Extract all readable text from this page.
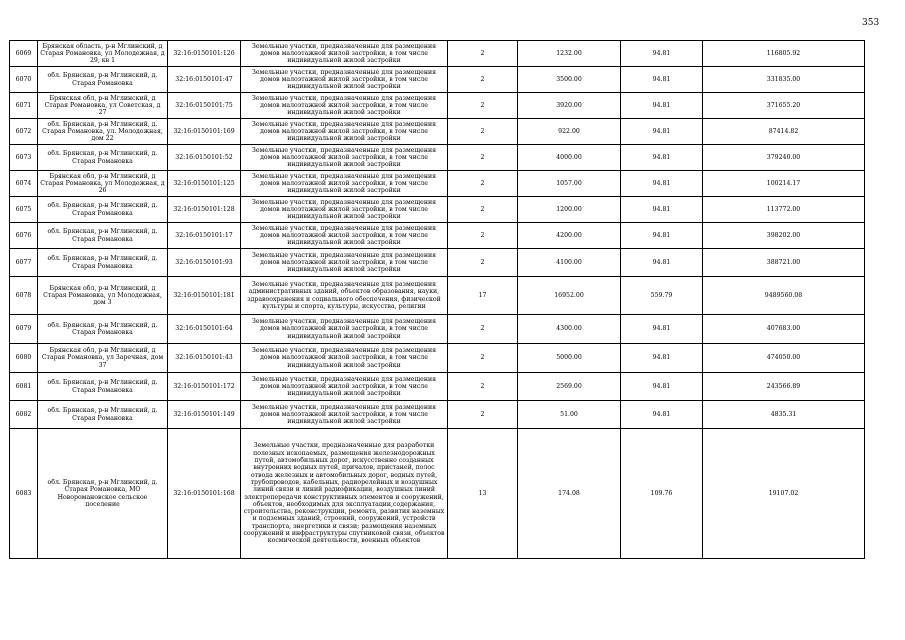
353
6069	Брянская область, р-н Мглинский, д Старая Романовка, ул Молодежная, д 29, кв 1	32:16:0150101:126	Земельные участки, предназначенные для размещения домов малоэтажной жилой застройки, в том числе индивидуальной жилой застройки	2	1232.00	94.81	116805.92
6070	обл. Брянская, р-н Мглинский, д. Старая Романовка	32:16:0150101:47	Земельные участки, предназначенные для размещения домов малоэтажной жилой застройки, в том числе индивидуальной жилой застройки	2	3500.00	94.81	331835.00
6071	Брянская обл, р-н Мглинский, д Старая Романовка, ул Советская, д 27	32:16:0150101:75	Земельные участки, предназначенные для размещения домов малоэтажной жилой застройки, в том числе индивидуальной жилой застройки	2	3920.00	94.81	371655.20
6072	обл. Брянская, р-н Мглинский, д. Старая Романовка, ул. Молодежная, дом 22	32:16:0150101:169	Земельные участки, предназначенные для размещения домов малоэтажной жилой застройки, в том числе индивидуальной жилой застройки	2	922.00	94.81	87414.82
6073	обл. Брянская, р-н Мглинский, д. Старая Романовка	32:16:0150101:52	Земельные участки, предназначенные для размещения домов малоэтажной жилой застройки, в том числе индивидуальной жилой застройки	2	4000.00	94.81	379240.00
6074	Брянская обл, р-н Мглинский, д Старая Романовка, ул Молодежная, д 26	32:16:0150101:125	Земельные участки, предназначенные для размещения домов малоэтажной жилой застройки, в том числе индивидуальной жилой застройки	2	1057.00	94.81	100214.17
6075	обл. Брянская, р-н Мглинский, д. Старая Романовка	32:16:0150101:128	Земельные участки, предназначенные для размещения домов малоэтажной жилой застройки, в том числе индивидуальной жилой застройки	2	1200.00	94.81	113772.00
6076	обл. Брянская, р-н Мглинский, д. Старая Романовка	32:16:0150101:17	Земельные участки, предназначенные для размещения домов малоэтажной жилой застройки, в том числе индивидуальной жилой застройки	2	4200.00	94.81	398202.00
6077	обл. Брянская, р-н Мглинский, д. Старая Романовка	32:16:0150101:93	Земельные участки, предназначенные для размещения домов малоэтажной жилой застройки, в том числе индивидуальной жилой застройки	2	4100.00	94.81	388721.00
6078	Брянская обл, р-н Мглинский, д Старая Романовка, ул Молодежная, дом 3	32:16:0150101:181	Земельные участки, предназначенные для размещения административных зданий, объектов образования, науки, здравоохранения и социального обеспечения, физической культуры и спорта, культуры, искусства, религии	17	16952.00	559.79	9489560.08
6079	обл. Брянская, р-н Мглинский, д. Старая Романовка	32:16:0150101:64	Земельные участки, предназначенные для размещения домов малоэтажной жилой застройки, в том числе индивидуальной жилой застройки	2	4300.00	94.81	407683.00
6080	Брянская обл, р-н Мглинский, д Старая Романовка, ул Заречная, дом 37	32:16:0150101:43	Земельные участки, предназначенные для размещения домов малоэтажной жилой застройки, в том числе индивидуальной жилой застройки	2	5000.00	94.81	474050.00
6081	обл. Брянская, р-н Мглинский, д. Старая Романовка	32:16:0150101:172	Земельные участки, предназначенные для размещения домов малоэтажной жилой застройки, в том числе индивидуальной жилой застройки	2	2569.00	94.81	243566.89
6082	обл. Брянская, р-н Мглинский, д. Старая Романовка	32:16:0150101:149	Земельные участки, предназначенные для размещения домов малоэтажной жилой застройки, в том числе индивидуальной жилой застройки	2	51.00	94.81	4835.31
6083	обл. Брянская, р-н Мглинский, д. Старая Романовка, МО Новоромановское сельское поселение	32:16:0150101:168	Земельные участки, предназначенные для разработки полезных ископаемых, размещения железнодорожных путей, автомобильных дорог, искусственно созданных внутренних водных путей, причалов, пристаней, полос отвода железных и автомобильных дорог, водных путей, трубопроводов, кабельных, радиорелейных и воздушных линий связи и линий радиофикации, воздушных линий электропередачи конструктивных элементов и сооружений, объектов, необходимых для эксплуатации,содержания, строительства, реконструкции, ремонта, развития наземных и подземных зданий, строений, сооружений, устройств транспорта, энергетики и связи; размещения наземных сооружений и инфраструктуры спутниковой связи, объектов космической деятельности, военных объектов	13	174.08	109.76	19107.02
